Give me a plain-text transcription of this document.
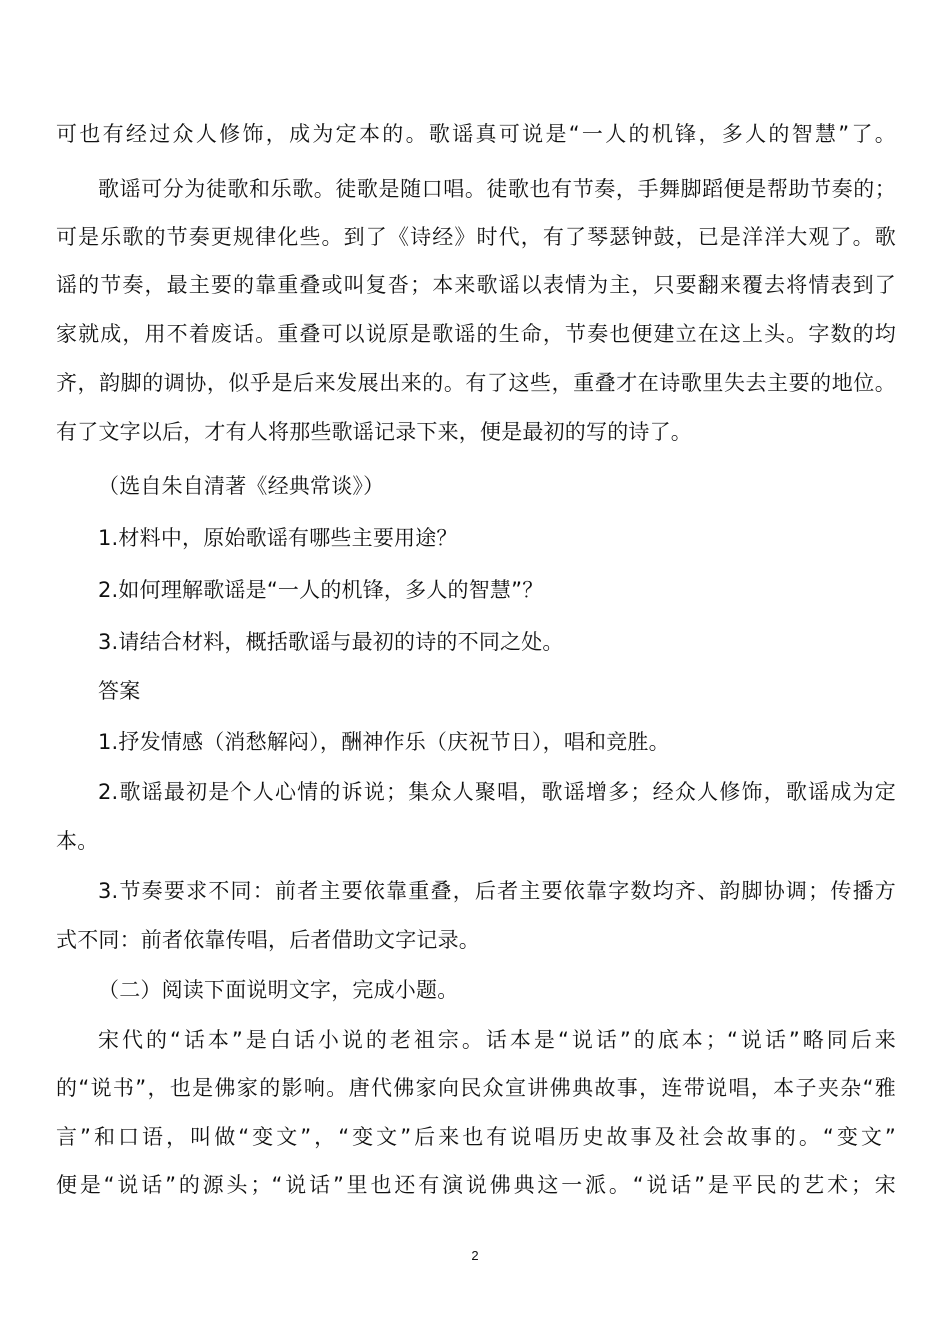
可也有经过众人修饰，成为定本的。歌谣真可说是“一人的机锋，多人的智慧”了。
歌谣可分为徒歌和乐歌。徒歌是随口唱。徒歌也有节奏，手舞脚蹈便是帮助节奏的；
可是乐歌的节奏更规律化些。到了《诗经》时代，有了琴瑟钟鼓，已是洋洋大观了。歌
谣的节奏，最主要的靠重叠或叫复沓；本来歌谣以表情为主，只要翻来覆去将情表到了
家就成，用不着废话。重叠可以说原是歌谣的生命，节奏也便建立在这上头。字数的均
齐，韵脚的调协，似乎是后来发展出来的。有了这些，重叠才在诗歌里失去主要的地位。
有了文字以后，才有人将那些歌谣记录下来，便是最初的写的诗了。
（选自朱自清著《经典常谈》）
1.材料中，原始歌谣有哪些主要用途？
2.如何理解歌谣是“一人的机锋，多人的智慧”？
3.请结合材料，概括歌谣与最初的诗的不同之处。
答案
1.抒发情感（消愁解闷），酬神作乐（庆祝节日），唱和竞胜。
2.歌谣最初是个人心情的诉说；集众人聚唱，歌谣增多；经众人修饰，歌谣成为定
本。
3.节奏要求不同：前者主要依靠重叠，后者主要依靠字数均齐、韵脚协调；传播方
式不同：前者依靠传唱，后者借助文字记录。
（二）阅读下面说明文字，完成小题。
宋代的“话本”是白话小说的老祖宗。话本是“说话”的底本；“说话”略同后来
的“说书”，也是佛家的影响。唐代佛家向民众宣讲佛典故事，连带说唱，本子夹杂“雅
言”和口语，叫做“变文”，“变文”后来也有说唱历史故事及社会故事的。“变文”
便是“说话”的源头；“说话”里也还有演说佛典这一派。“说话”是平民的艺术；宋
2
